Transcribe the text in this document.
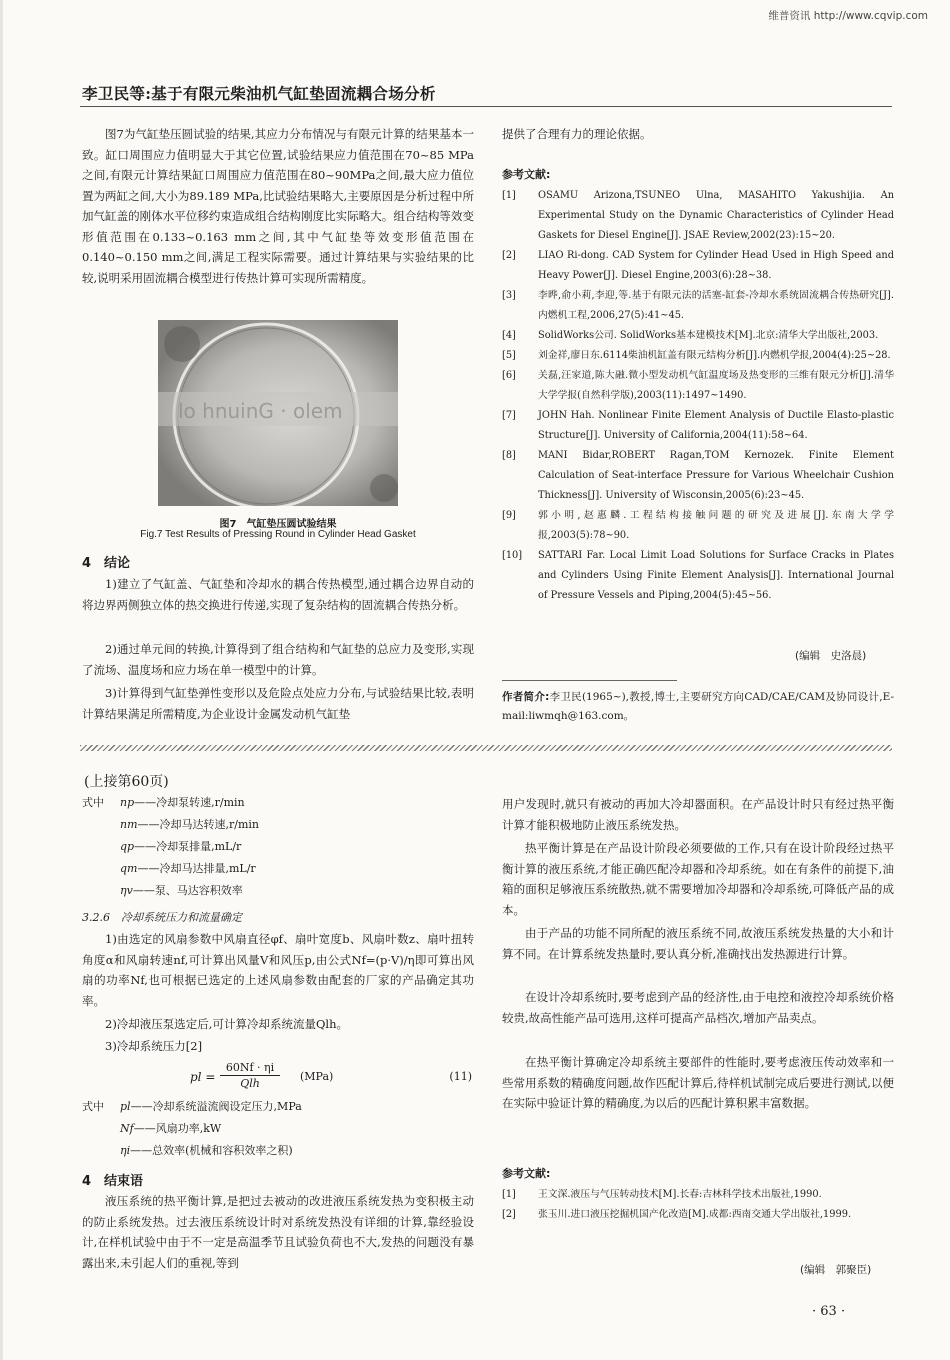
维普资讯 http://www.cqvip.com
李卫民等:基于有限元柴油机气缸垫固流耦合场分析

图7为气缸垫压圆试验的结果,其应力分布情况与有限元计算的结果基本一致。缸口周围应力值明显大于其它位置,试验结果应力值范围在70~85 MPa之间,有限元计算结果缸口周围应力值范围在80~90MPa之间,最大应力值位置为两缸之间,大小为89.189 MPa,比试验结果略大,主要原因是分析过程中所加气缸盖的刚体水平位移约束造成组合结构刚度比实际略大。组合结构等效变形值范围在0.133~0.163 mm之间,其中气缸垫等效变形值范围在0.140~0.150 mm之间,满足工程实际需要。通过计算结果与实验结果的比较,说明采用固流耦合模型进行传热计算可实现所需精度。

lo hnuinG · olem
图7　气缸垫压圆试验结果
Fig.7 Test Results of Pressing Round in Cylinder Head Gasket
4　结论

1)建立了气缸盖、气缸垫和冷却水的耦合传热模型,通过耦合边界自动的将边界两侧独立体的热交换进行传递,实现了复杂结构的固流耦合传热分析。

2)通过单元间的转换,计算得到了组合结构和气缸垫的总应力及变形,实现了流场、温度场和应力场在单一模型中的计算。

3)计算得到气缸垫弹性变形以及危险点处应力分布,与试验结果比较,表明计算结果满足所需精度,为企业设计金属发动机气缸垫

提供了合理有力的理论依据。

参考文献:
[1]	OSAMU Arizona,TSUNEO Ulna, MASAHITO Yakushijia. An Experimental Study on the Dynamic Characteristics of Cylinder Head Gaskets for Diesel Engine[J]. JSAE Review,2002(23):15~20.
[2]	LIAO Ri-dong. CAD System for Cylinder Head Used in High Speed and Heavy Power[J]. Diesel Engine,2003(6):28~38.
[3]	李晔,俞小莉,李迎,等.基于有限元法的活塞-缸套-冷却水系统固流耦合传热研究[J].内燃机工程,2006,27(5):41~45.
[4]	SolidWorks公司. SolidWorks基本建模技术[M].北京:清华大学出版社,2003.
[5]	刘金祥,廖日东.6114柴油机缸盖有限元结构分析[J].内燃机学报,2004(4):25~28.
[6]	关磊,汪家道,陈大融.微小型发动机气缸温度场及热变形的三维有限元分析[J].清华大学学报(自然科学版),2003(11):1497~1490.
[7]	JOHN Hah. Nonlinear Finite Element Analysis of Ductile Elasto-plastic Structure[J]. University of California,2004(11):58~64.
[8]	MANI Bidar,ROBERT Ragan,TOM Kernozek. Finite Element Calculation of Seat-interface Pressure for Various Wheelchair Cushion Thickness[J]. University of Wisconsin,2005(6):23~45.
[9]	郭小明,赵惠麟.工程结构接触问题的研究及进展[J].东南大学学报,2003(5):78~90.
[10]	SATTARI Far. Local Limit Load Solutions for Surface Cracks in Plates and Cylinders Using Finite Element Analysis[J]. International Journal of Pressure Vessels and Piping,2004(5):45~56.
(编辑　史洛晨)
作者简介:李卫民(1965~),教授,博士,主要研究方向CAD/CAE/CAM及协同设计,E-mail:liwmqh@163.com。
(上接第60页)
式中 np——冷却泵转速,r/min
nm——冷却马达转速,r/min
qp——冷却泵排量,mL/r
qm——冷却马达排量,mL/r
ηv——泵、马达容积效率
3.2.6　冷却系统压力和流量确定

1)由选定的风扇参数中风扇直径φf、扇叶宽度b、风扇叶数z、扇叶扭转角度α和风扇转速nf,可计算出风量V和风压p,由公式Nf=(p·V)/η即可算出风扇的功率Nf,也可根据已选定的上述风扇参数由配套的厂家的产品确定其功率。

2)冷却液压泵选定后,可计算冷却系统流量Qlh。

3)冷却系统压力[2]

pl =
60Nf · ηi
Qlh
(MPa)	(11)
式中 pl——冷却系统溢流阀设定压力,MPa
Nf——风扇功率,kW
ηi——总效率(机械和容积效率之积)
4　结束语

液压系统的热平衡计算,是把过去被动的改进液压系统发热为变积极主动的防止系统发热。过去液压系统设计时对系统发热没有详细的计算,靠经验设计,在样机试验中由于不一定是高温季节且试验负荷也不大,发热的问题没有暴露出来,未引起人们的重视,等到

用户发现时,就只有被动的再加大冷却器面积。在产品设计时只有经过热平衡计算才能积极地防止液压系统发热。

热平衡计算是在产品设计阶段必须要做的工作,只有在设计阶段经过热平衡计算的液压系统,才能正确匹配冷却器和冷却系统。如在有条件的前提下,油箱的面积足够液压系统散热,就不需要增加冷却器和冷却系统,可降低产品的成本。

由于产品的功能不同所配的液压系统不同,故液压系统发热量的大小和计算不同。在计算系统发热量时,要认真分析,准确找出发热源进行计算。

在设计冷却系统时,要考虑到产品的经济性,由于电控和液控冷却系统价格较贵,故高性能产品可选用,这样可提高产品档次,增加产品卖点。

在热平衡计算确定冷却系统主要部件的性能时,要考虑液压传动效率和一些常用系数的精确度问题,故作匹配计算后,待样机试制完成后要进行测试,以便在实际中验证计算的精确度,为以后的匹配计算积累丰富数据。

参考文献:
[1]	王文深.液压与气压转动技术[M].长春:吉林科学技术出版社,1990.
[2]	张玉川.进口液压挖掘机国产化改造[M].成都:西南交通大学出版社,1999.
(编辑　郭聚臣)
· 63 ·
